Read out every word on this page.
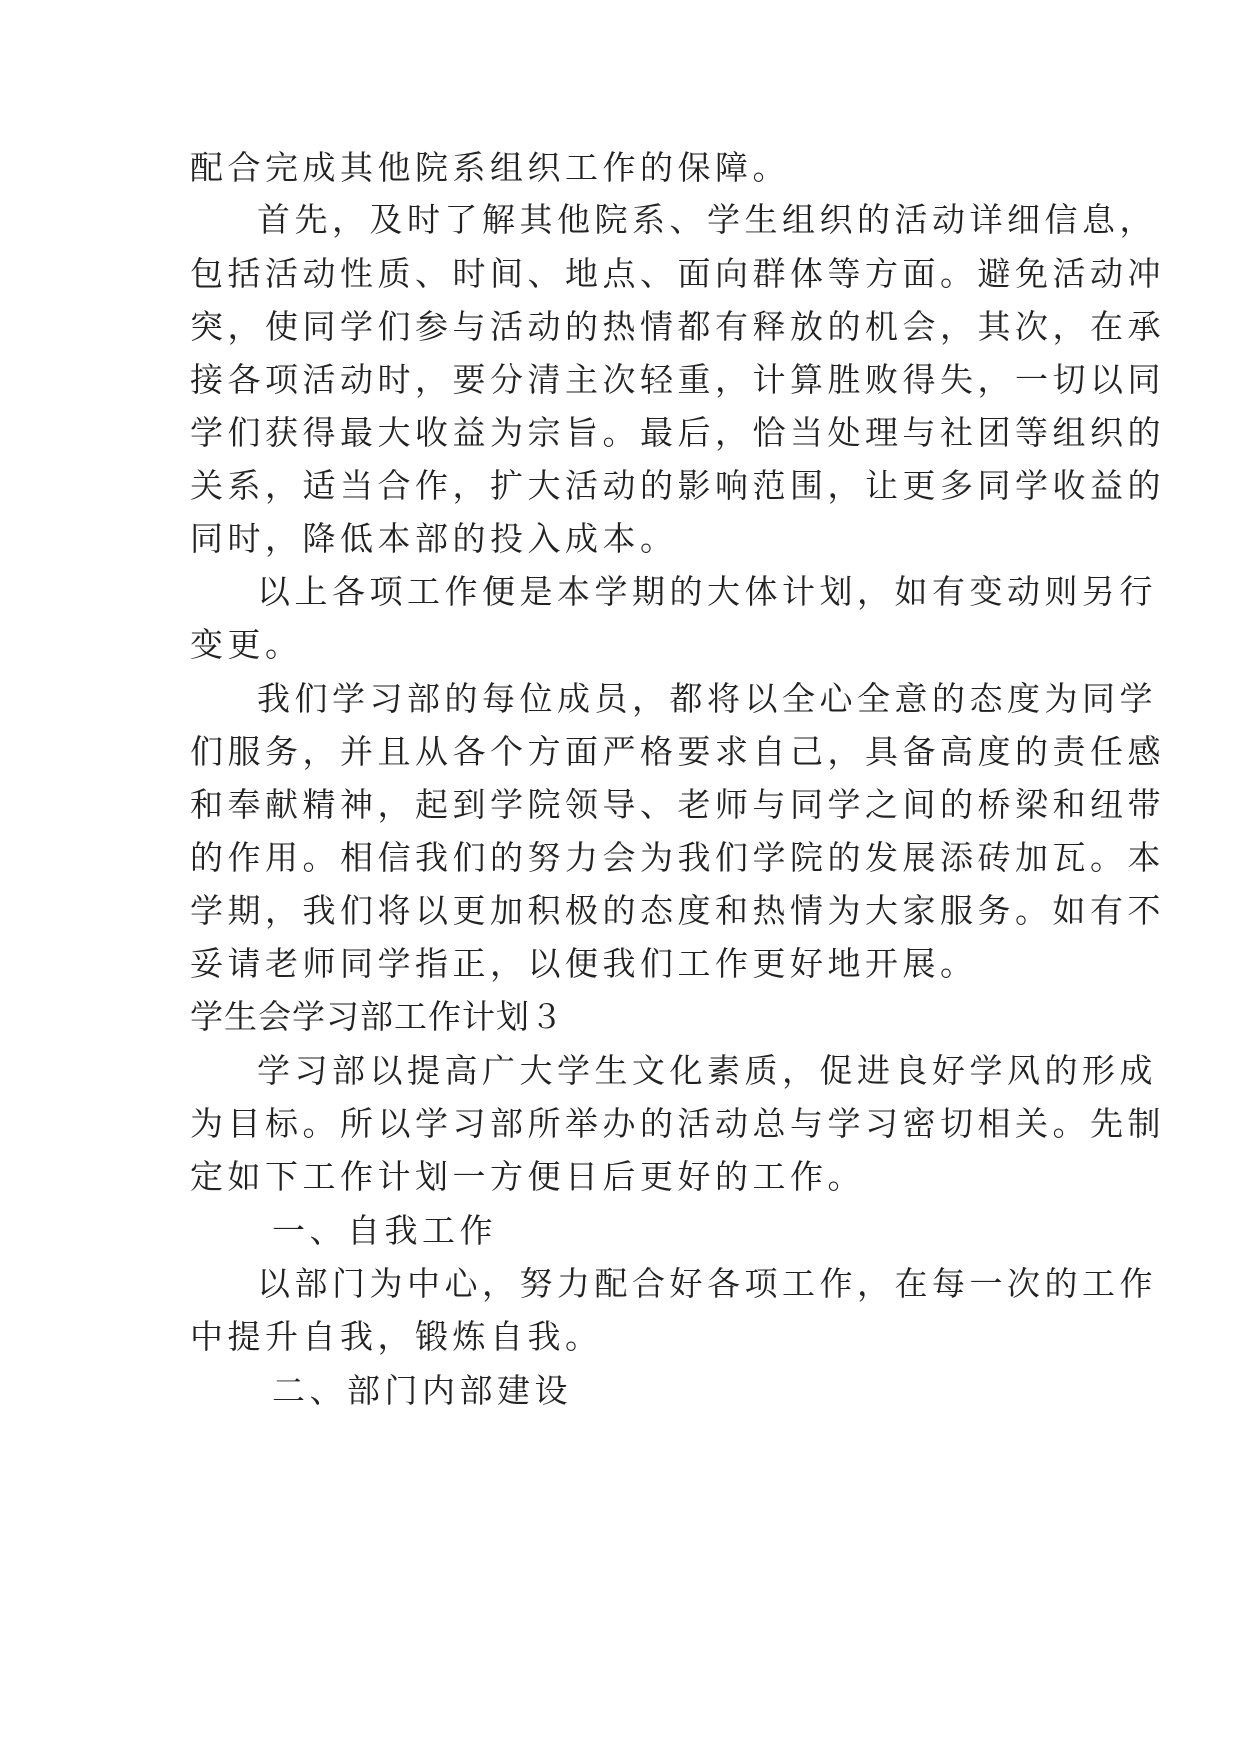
配合完成其他院系组织工作的保障。
首先，及时了解其他院系、学生组织的活动详细信息，
包括活动性质、时间、地点、面向群体等方面。避免活动冲
突，使同学们参与活动的热情都有释放的机会，其次，在承
接各项活动时，要分清主次轻重，计算胜败得失，一切以同
学们获得最大收益为宗旨。最后，恰当处理与社团等组织的
关系，适当合作，扩大活动的影响范围，让更多同学收益的
同时，降低本部的投入成本。
以上各项工作便是本学期的大体计划，如有变动则另行
变更。
我们学习部的每位成员，都将以全心全意的态度为同学
们服务，并且从各个方面严格要求自己，具备高度的责任感
和奉献精神，起到学院领导、老师与同学之间的桥梁和纽带
的作用。相信我们的努力会为我们学院的发展添砖加瓦。本
学期，我们将以更加积极的态度和热情为大家服务。如有不
妥请老师同学指正，以便我们工作更好地开展。
学生会学习部工作计划３
学习部以提高广大学生文化素质，促进良好学风的形成
为目标。所以学习部所举办的活动总与学习密切相关。先制
定如下工作计划一方便日后更好的工作。
一、自我工作
以部门为中心，努力配合好各项工作，在每一次的工作
中提升自我，锻炼自我。
二、部门内部建设
